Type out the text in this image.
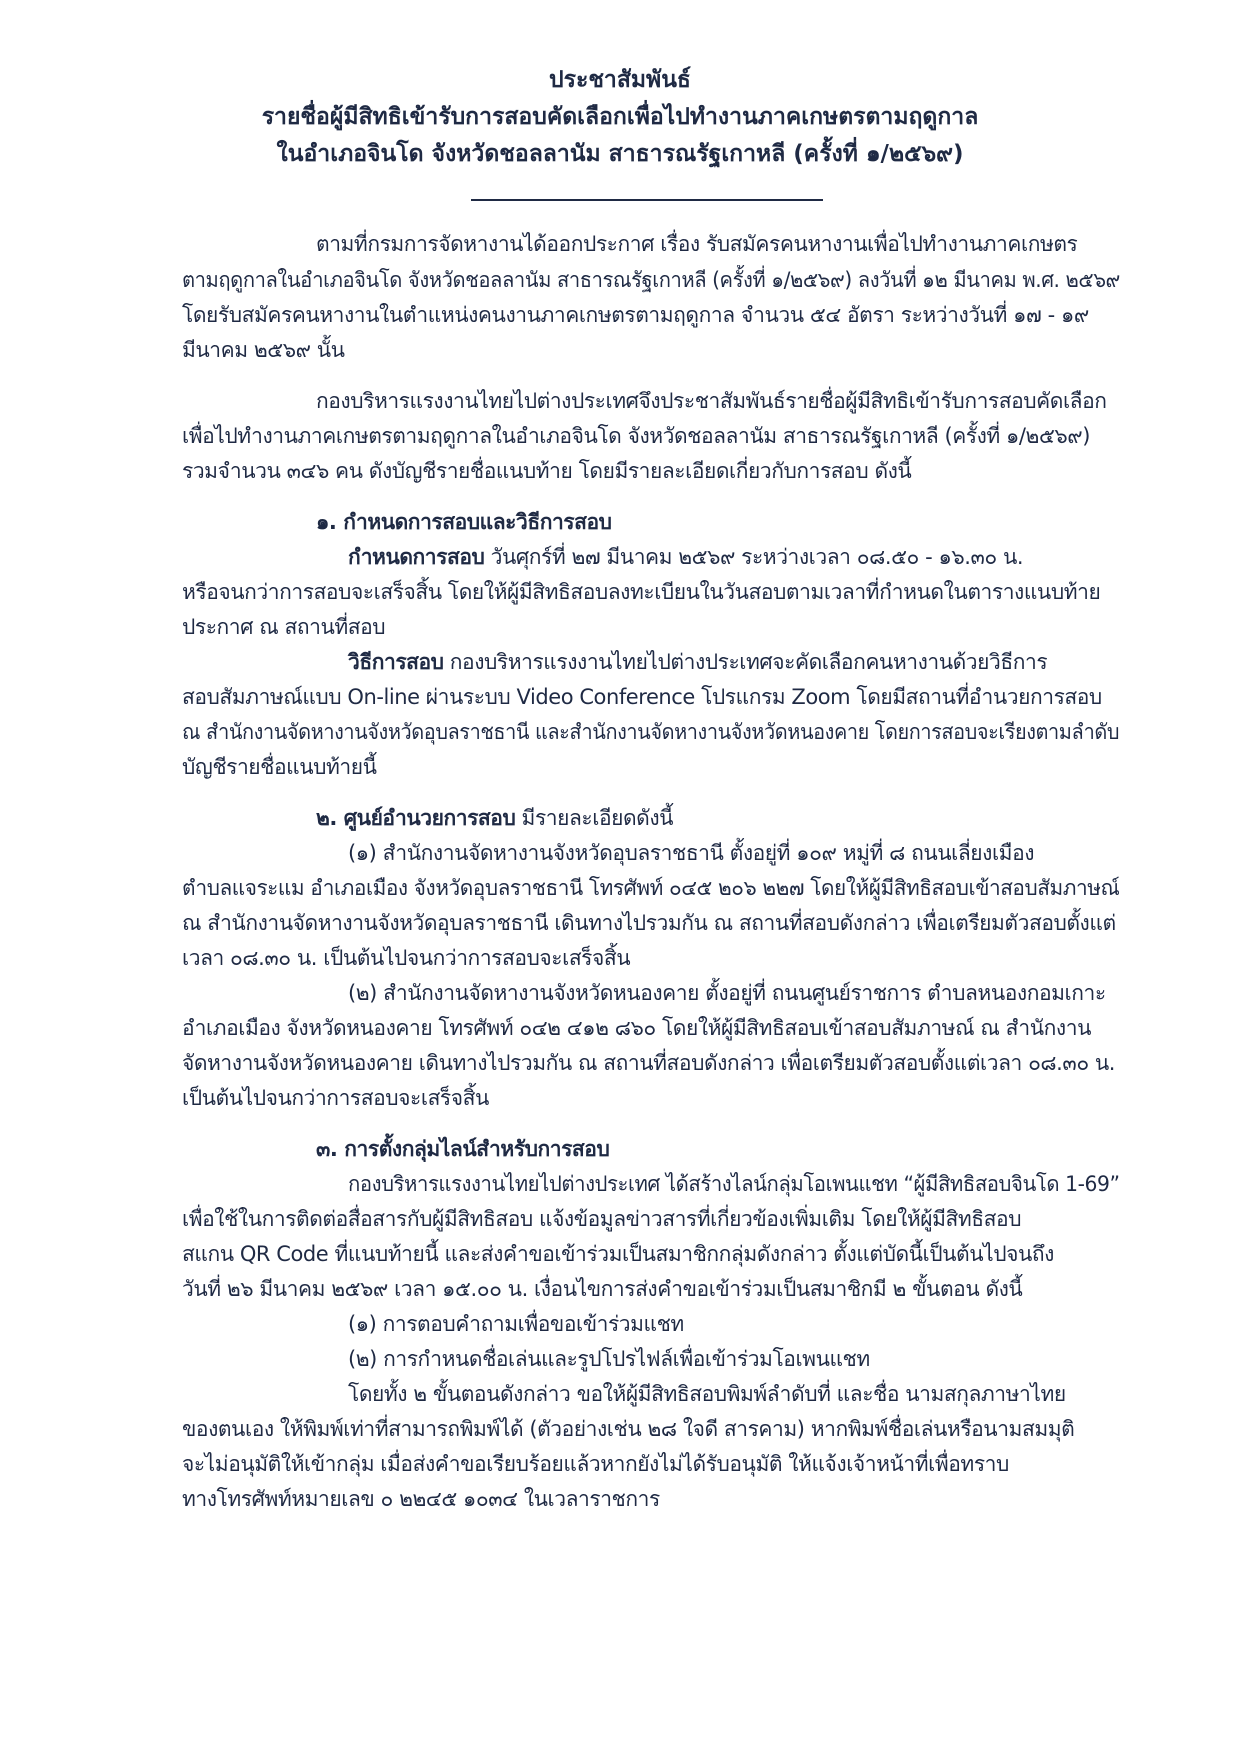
ประชาสัมพันธ์
รายชื่อผู้มีสิทธิเข้ารับการสอบคัดเลือกเพื่อไปทำงานภาคเกษตรตามฤดูกาล
ในอำเภอจินโด จังหวัดชอลลานัม สาธารณรัฐเกาหลี (ครั้งที่ ๑/๒๕๖๙)
ตามที่กรมการจัดหางานได้ออกประกาศ เรื่อง รับสมัครคนหางานเพื่อไปทำงานภาคเกษตร
ตามฤดูกาลในอำเภอจินโด จังหวัดชอลลานัม สาธารณรัฐเกาหลี (ครั้งที่ ๑/๒๕๖๙) ลงวันที่ ๑๒ มีนาคม พ.ศ. ๒๕๖๙
โดยรับสมัครคนหางานในตำแหน่งคนงานภาคเกษตรตามฤดูกาล จำนวน ๕๔ อัตรา ระหว่างวันที่ ๑๗ - ๑๙
มีนาคม ๒๕๖๙ นั้น
กองบริหารแรงงานไทยไปต่างประเทศจึงประชาสัมพันธ์รายชื่อผู้มีสิทธิเข้ารับการสอบคัดเลือก
เพื่อไปทำงานภาคเกษตรตามฤดูกาลในอำเภอจินโด จังหวัดชอลลานัม สาธารณรัฐเกาหลี (ครั้งที่ ๑/๒๕๖๙)
รวมจำนวน ๓๔๖ คน ดังบัญชีรายชื่อแนบท้าย โดยมีรายละเอียดเกี่ยวกับการสอบ ดังนี้
๑. กำหนดการสอบและวิธีการสอบ
กำหนดการสอบ วันศุกร์ที่ ๒๗ มีนาคม ๒๕๖๙ ระหว่างเวลา ๐๘.๕๐ - ๑๖.๓๐ น.
หรือจนกว่าการสอบจะเสร็จสิ้น โดยให้ผู้มีสิทธิสอบลงทะเบียนในวันสอบตามเวลาที่กำหนดในตารางแนบท้าย
ประกาศ ณ สถานที่สอบ
วิธีการสอบ กองบริหารแรงงานไทยไปต่างประเทศจะคัดเลือกคนหางานด้วยวิธีการ
สอบสัมภาษณ์แบบ On-line ผ่านระบบ Video Conference โปรแกรม Zoom โดยมีสถานที่อำนวยการสอบ
ณ สำนักงานจัดหางานจังหวัดอุบลราชธานี และสำนักงานจัดหางานจังหวัดหนองคาย โดยการสอบจะเรียงตามลำดับ
บัญชีรายชื่อแนบท้ายนี้
๒. ศูนย์อำนวยการสอบ มีรายละเอียดดังนี้
(๑) สำนักงานจัดหางานจังหวัดอุบลราชธานี ตั้งอยู่ที่ ๑๐๙ หมู่ที่ ๘ ถนนเลี่ยงเมือง
ตำบลแจระแม อำเภอเมือง จังหวัดอุบลราชธานี โทรศัพท์ ๐๔๕ ๒๐๖ ๒๒๗ โดยให้ผู้มีสิทธิสอบเข้าสอบสัมภาษณ์
ณ สำนักงานจัดหางานจังหวัดอุบลราชธานี เดินทางไปรวมกัน ณ สถานที่สอบดังกล่าว เพื่อเตรียมตัวสอบตั้งแต่
เวลา ๐๘.๓๐ น. เป็นต้นไปจนกว่าการสอบจะเสร็จสิ้น
(๒) สำนักงานจัดหางานจังหวัดหนองคาย ตั้งอยู่ที่ ถนนศูนย์ราชการ ตำบลหนองกอมเกาะ
อำเภอเมือง จังหวัดหนองคาย โทรศัพท์ ๐๔๒ ๔๑๒ ๘๖๐ โดยให้ผู้มีสิทธิสอบเข้าสอบสัมภาษณ์ ณ สำนักงาน
จัดหางานจังหวัดหนองคาย เดินทางไปรวมกัน ณ สถานที่สอบดังกล่าว เพื่อเตรียมตัวสอบตั้งแต่เวลา ๐๘.๓๐ น.
เป็นต้นไปจนกว่าการสอบจะเสร็จสิ้น
๓. การตั้งกลุ่มไลน์สำหรับการสอบ
กองบริหารแรงงานไทยไปต่างประเทศ ได้สร้างไลน์กลุ่มโอเพนแชท “ผู้มีสิทธิสอบจินโด 1-69”
เพื่อใช้ในการติดต่อสื่อสารกับผู้มีสิทธิสอบ แจ้งข้อมูลข่าวสารที่เกี่ยวข้องเพิ่มเติม โดยให้ผู้มีสิทธิสอบ
สแกน QR Code ที่แนบท้ายนี้ และส่งคำขอเข้าร่วมเป็นสมาชิกกลุ่มดังกล่าว ตั้งแต่บัดนี้เป็นต้นไปจนถึง
วันที่ ๒๖ มีนาคม ๒๕๖๙ เวลา ๑๕.๐๐ น. เงื่อนไขการส่งคำขอเข้าร่วมเป็นสมาชิกมี ๒ ขั้นตอน ดังนี้
(๑) การตอบคำถามเพื่อขอเข้าร่วมแชท
(๒) การกำหนดชื่อเล่นและรูปโปรไฟล์เพื่อเข้าร่วมโอเพนแชท
โดยทั้ง ๒ ขั้นตอนดังกล่าว ขอให้ผู้มีสิทธิสอบพิมพ์ลำดับที่ และชื่อ นามสกุลภาษาไทย
ของตนเอง ให้พิมพ์เท่าที่สามารถพิมพ์ได้ (ตัวอย่างเช่น ๒๘ ใจดี สารคาม) หากพิมพ์ชื่อเล่นหรือนามสมมุติ
จะไม่อนุมัติให้เข้ากลุ่ม เมื่อส่งคำขอเรียบร้อยแล้วหากยังไม่ได้รับอนุมัติ ให้แจ้งเจ้าหน้าที่เพื่อทราบ
ทางโทรศัพท์หมายเลข ๐ ๒๒๔๕ ๑๐๓๔ ในเวลาราชการ
